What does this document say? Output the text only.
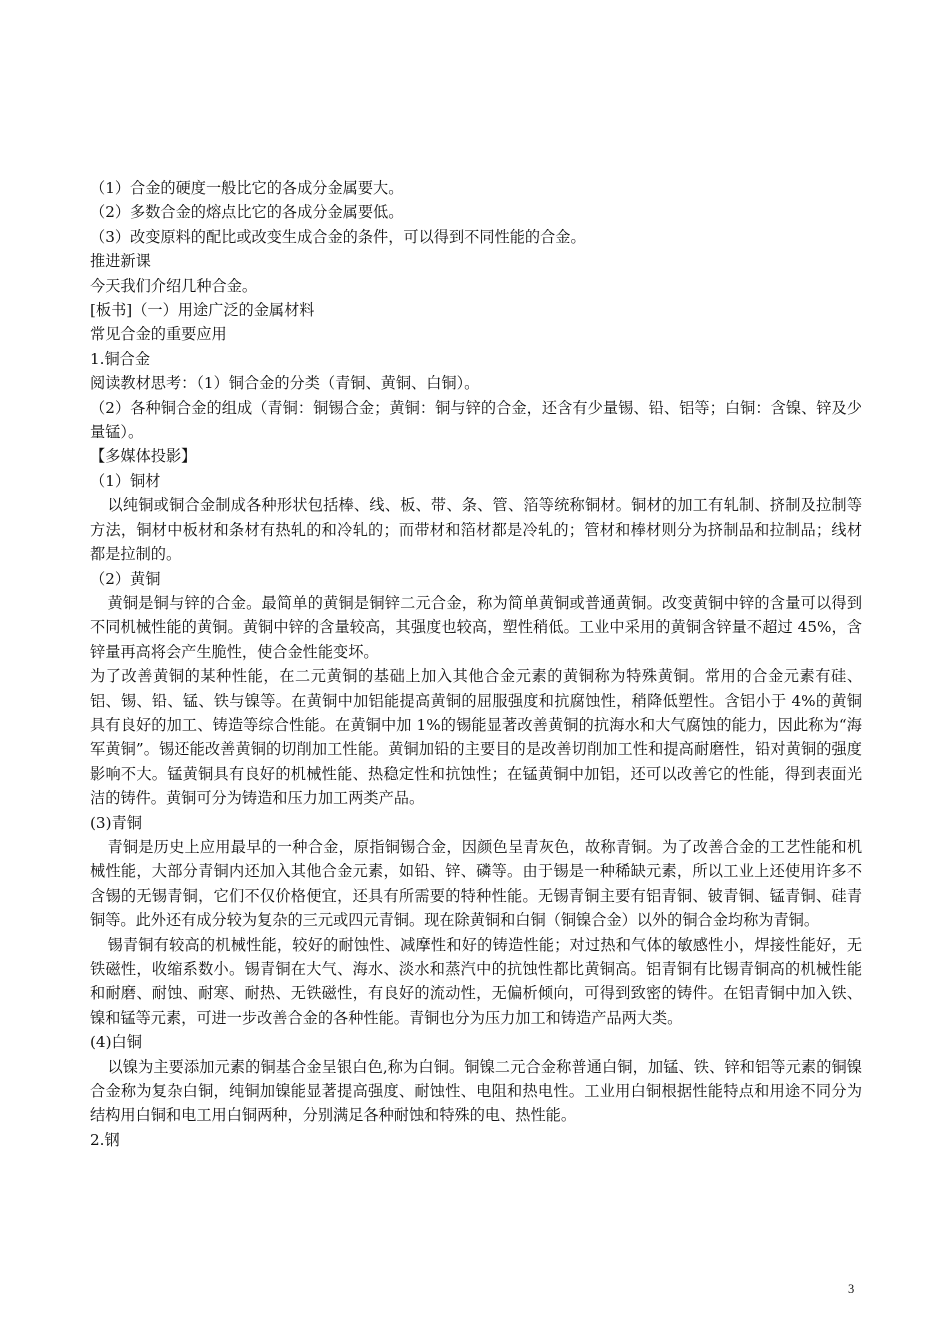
（1）合金的硬度一般比它的各成分金属要大。

（2）多数合金的熔点比它的各成分金属要低。

（3）改变原料的配比或改变生成合金的条件，可以得到不同性能的合金。

推进新课

今天我们介绍几种合金。

[板书]（一）用途广泛的金属材料

常见合金的重要应用

1.铜合金

阅读教材思考：（1）铜合金的分类（青铜、黄铜、白铜）。

（2）各种铜合金的组成（青铜：铜锡合金；黄铜：铜与锌的合金，还含有少量锡、铅、铝等；白铜：含镍、锌及少量锰）。

【多媒体投影】

（1）铜材

以纯铜或铜合金制成各种形状包括棒、线、板、带、条、管、箔等统称铜材。铜材的加工有轧制、挤制及拉制等方法，铜材中板材和条材有热轧的和冷轧的；而带材和箔材都是冷轧的；管材和棒材则分为挤制品和拉制品；线材都是拉制的。

（2）黄铜

黄铜是铜与锌的合金。最简单的黄铜是铜锌二元合金，称为简单黄铜或普通黄铜。改变黄铜中锌的含量可以得到不同机械性能的黄铜。黄铜中锌的含量较高，其强度也较高，塑性稍低。工业中采用的黄铜含锌量不超过 45%，含锌量再高将会产生脆性，使合金性能变坏。

为了改善黄铜的某种性能，在二元黄铜的基础上加入其他合金元素的黄铜称为特殊黄铜。常用的合金元素有硅、铝、锡、铅、锰、铁与镍等。在黄铜中加铝能提高黄铜的屈服强度和抗腐蚀性，稍降低塑性。含铝小于 4%的黄铜具有良好的加工、铸造等综合性能。在黄铜中加 1%的锡能显著改善黄铜的抗海水和大气腐蚀的能力，因此称为“海军黄铜”。锡还能改善黄铜的切削加工性能。黄铜加铅的主要目的是改善切削加工性和提高耐磨性，铅对黄铜的强度影响不大。锰黄铜具有良好的机械性能、热稳定性和抗蚀性；在锰黄铜中加铝，还可以改善它的性能，得到表面光洁的铸件。黄铜可分为铸造和压力加工两类产品。

(3)青铜

青铜是历史上应用最早的一种合金，原指铜锡合金，因颜色呈青灰色，故称青铜。为了改善合金的工艺性能和机械性能，大部分青铜内还加入其他合金元素，如铅、锌、磷等。由于锡是一种稀缺元素，所以工业上还使用许多不含锡的无锡青铜，它们不仅价格便宜，还具有所需要的特种性能。无锡青铜主要有铝青铜、铍青铜、锰青铜、硅青铜等。此外还有成分较为复杂的三元或四元青铜。现在除黄铜和白铜（铜镍合金）以外的铜合金均称为青铜。

锡青铜有较高的机械性能，较好的耐蚀性、减摩性和好的铸造性能；对过热和气体的敏感性小，焊接性能好，无铁磁性，收缩系数小。锡青铜在大气、海水、淡水和蒸汽中的抗蚀性都比黄铜高。铝青铜有比锡青铜高的机械性能和耐磨、耐蚀、耐寒、耐热、无铁磁性，有良好的流动性，无偏析倾向，可得到致密的铸件。在铝青铜中加入铁、镍和锰等元素，可进一步改善合金的各种性能。青铜也分为压力加工和铸造产品两大类。

(4)白铜

以镍为主要添加元素的铜基合金呈银白色,称为白铜。铜镍二元合金称普通白铜，加锰、铁、锌和铝等元素的铜镍合金称为复杂白铜，纯铜加镍能显著提高强度、耐蚀性、电阻和热电性。工业用白铜根据性能特点和用途不同分为结构用白铜和电工用白铜两种，分别满足各种耐蚀和特殊的电、热性能。

2.钢

3
